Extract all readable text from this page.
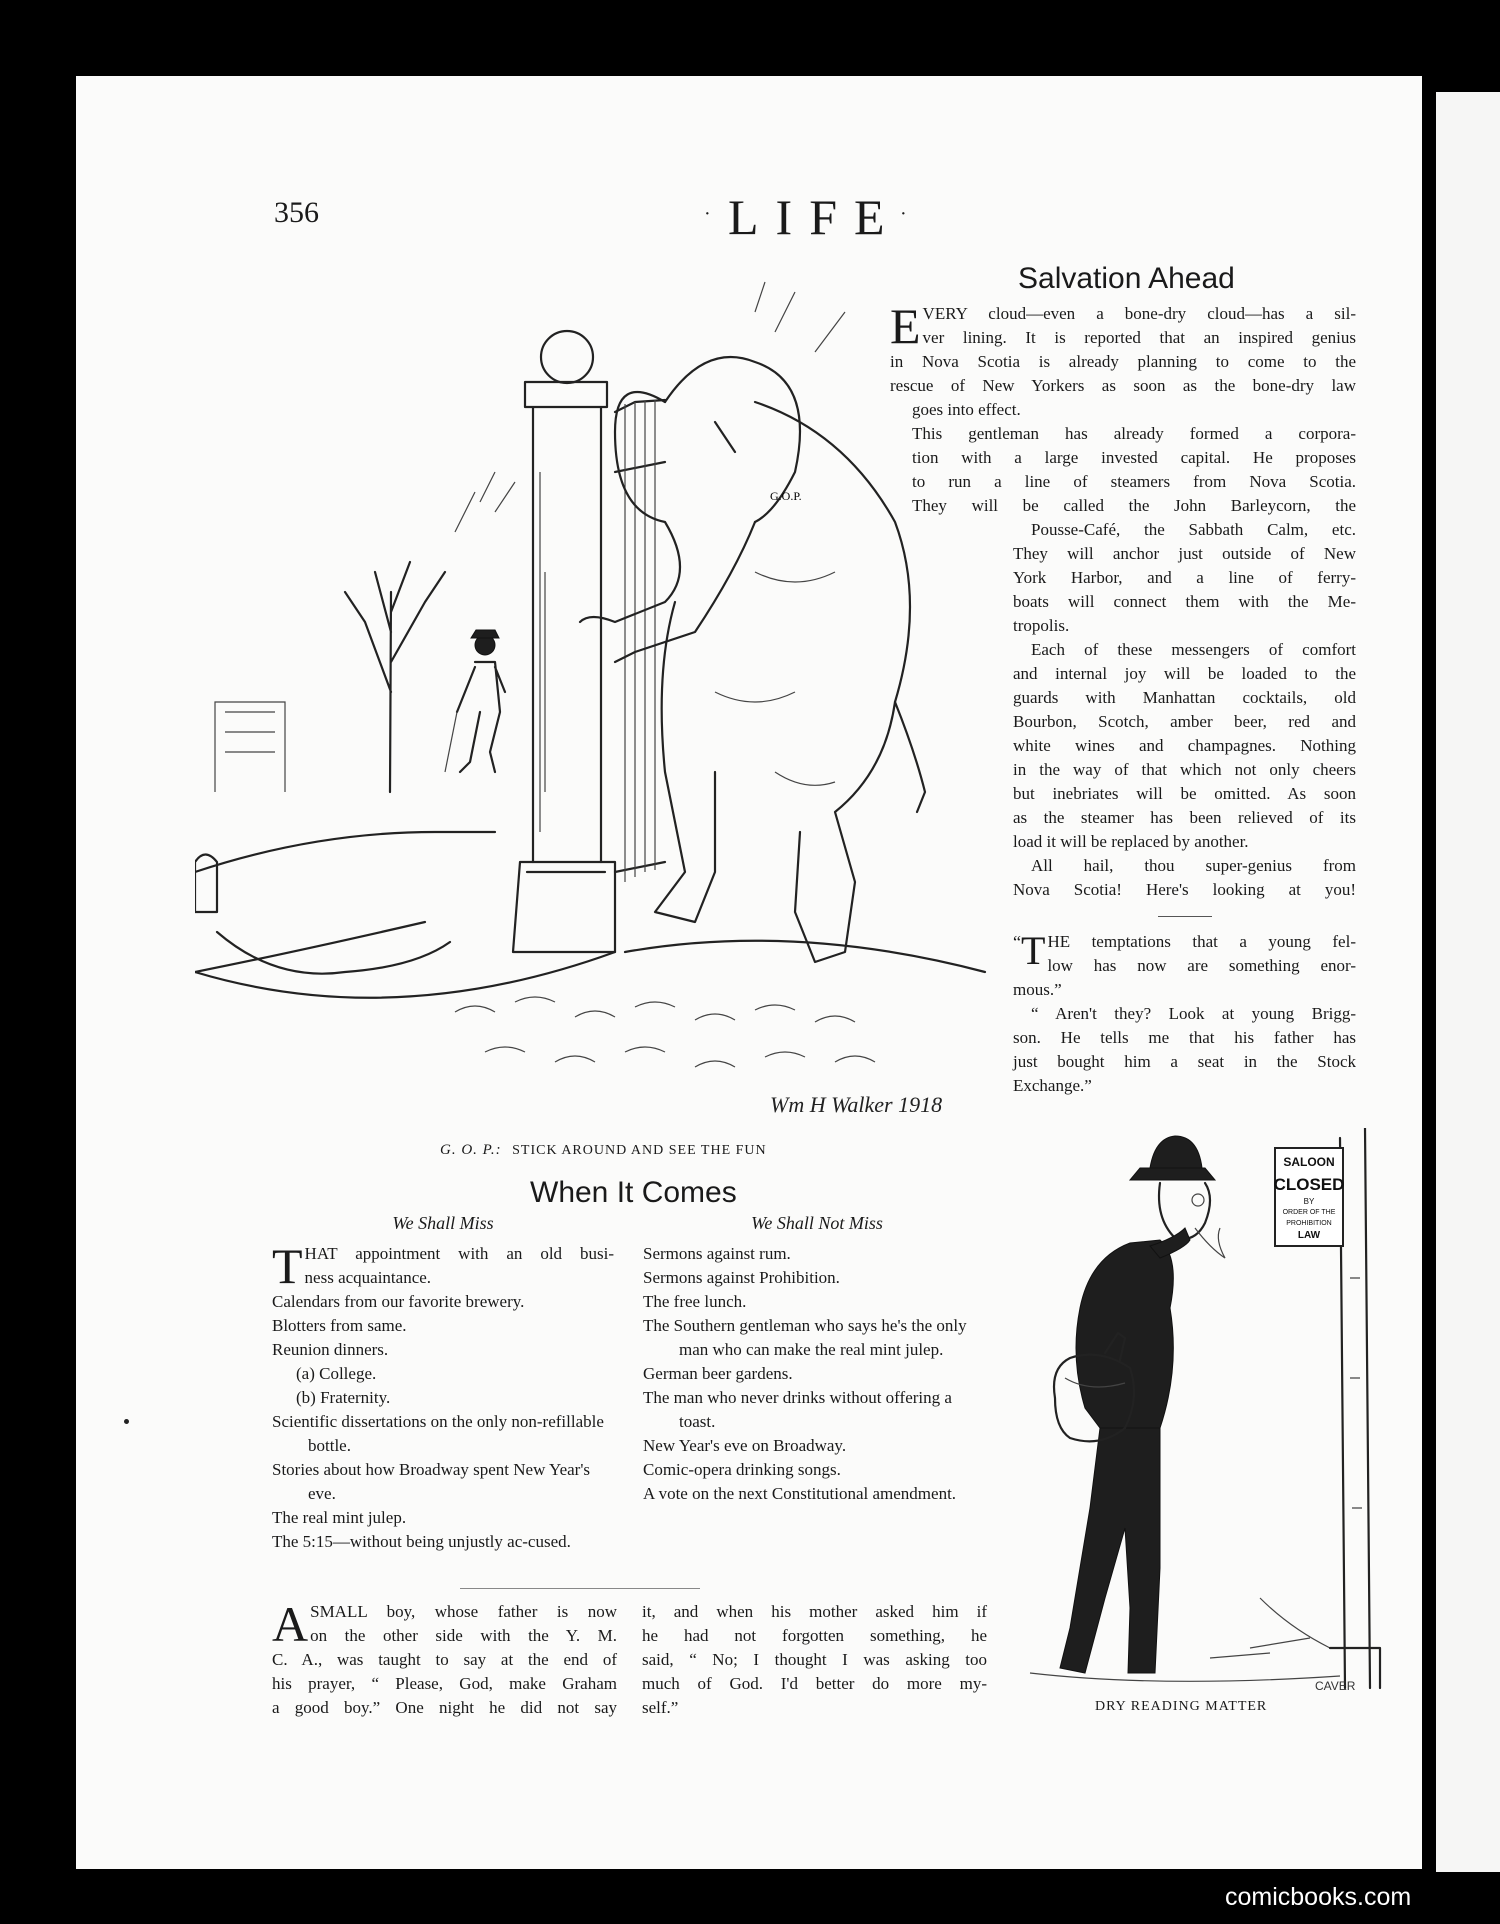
356	· LIFE
·
G.O.P.
Wm H Walker 1918
G. O. P.: STICK AROUND AND SEE THE FUN
Salvation Ahead
E VERY cloud—even a bone-dry cloud—has a sil-

ver lining. It is reported that an inspired genius

in Nova Scotia is already planning to come to the

rescue of New Yorkers as soon as the bone-dry law

goes into effect.

This gentleman has already formed a corpora-

tion with a large invested capital. He proposes

to run a line of steamers from Nova Scotia.

They will be called the John Barleycorn, the

Pousse-Café, the Sabbath Calm, etc.

They will anchor just outside of New

York Harbor, and a line of ferry-

boats will connect them with the Me-

tropolis.

Each of these messengers of comfort

and internal joy will be loaded to the

guards with Manhattan cocktails, old

Bourbon, Scotch, amber beer, red and

white wines and champagnes. Nothing

in the way of that which not only cheers

but inebriates will be omitted. As soon

as the steamer has been relieved of its

load it will be replaced by another.

All hail, thou super-genius from

Nova Scotia! Here's looking at you!

“ T HE temptations that a young fel-

low has now are something enor-

mous.”

“ Aren't they? Look at young Brigg-

son. He tells me that his father has

just bought him a seat in the Stock

Exchange.”

When It Comes
We Shall Miss	We Shall Not Miss
T HAT appointment with an old busi-

ness acquaintance.

Calendars from our favorite brewery.
Blotters from same.
Reunion dinners.
(a) College.
(b) Fraternity.
Scientific dissertations on the only non-refillable bottle.
Stories about how Broadway spent New Year's eve.
The real mint julep.
The 5:15—without being unjustly ac-cused.
Sermons against rum.
Sermons against Prohibition.
The free lunch.
The Southern gentleman who says he's the only man who can make the real mint julep.
German beer gardens.
The man who never drinks without offering a toast.
New Year's eve on Broadway.
Comic-opera drinking songs.
A vote on the next Constitutional amendment.
A SMALL boy, whose father is now

on the other side with the Y. M.

C. A., was taught to say at the end of

his prayer, “ Please, God, make Graham

a good boy.” One night he did not say

it, and when his mother asked him if

he had not forgotten something, he

said, “ No; I thought I was asking too

much of God. I'd better do more my-

self.”

SALOON
CLOSED
BY
ORDER OF THE
PROHIBITION
LAW
CAVER
DRY READING MATTER
comicbooks.com
